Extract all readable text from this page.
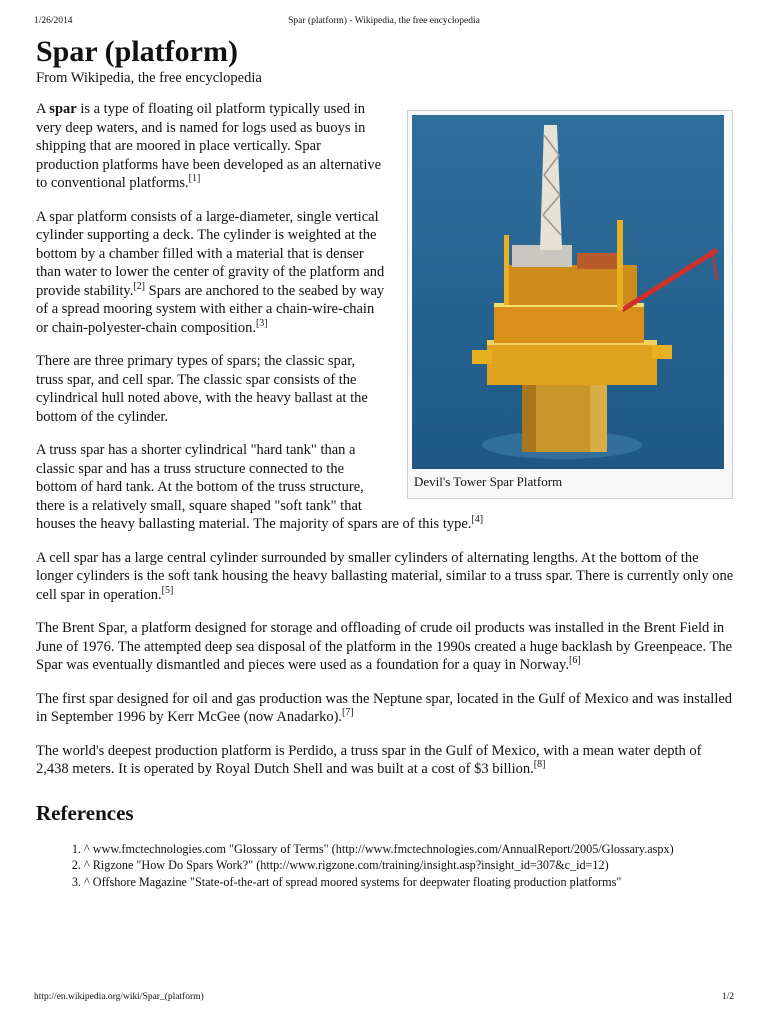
1/26/2014	Spar (platform) - Wikipedia, the free encyclopedia
Spar (platform)
From Wikipedia, the free encyclopedia
Devil's Tower Spar Platform

A spar is a type of floating oil platform typically used in very deep waters, and is named for logs used as buoys in shipping that are moored in place vertically. Spar production platforms have been developed as an alternative to conventional platforms.[1]

A spar platform consists of a large-diameter, single vertical cylinder supporting a deck. The cylinder is weighted at the bottom by a chamber filled with a material that is denser than water to lower the center of gravity of the platform and provide stability.[2] Spars are anchored to the seabed by way of a spread mooring system with either a chain-wire-chain or chain-polyester-chain composition.[3]

There are three primary types of spars; the classic spar, truss spar, and cell spar. The classic spar consists of the cylindrical hull noted above, with the heavy ballast at the bottom of the cylinder.

A truss spar has a shorter cylindrical "hard tank" than a classic spar and has a truss structure connected to the bottom of hard tank. At the bottom of the truss structure, there is a relatively small, square shaped "soft tank" that houses the heavy ballasting material. The majority of spars are of this type.[4]

A cell spar has a large central cylinder surrounded by smaller cylinders of alternating lengths. At the bottom of the longer cylinders is the soft tank housing the heavy ballasting material, similar to a truss spar. There is currently only one cell spar in operation.[5]

The Brent Spar, a platform designed for storage and offloading of crude oil products was installed in the Brent Field in June of 1976. The attempted deep sea disposal of the platform in the 1990s created a huge backlash by Greenpeace. The Spar was eventually dismantled and pieces were used as a foundation for a quay in Norway.[6]

The first spar designed for oil and gas production was the Neptune spar, located in the Gulf of Mexico and was installed in September 1996 by Kerr McGee (now Anadarko).[7]

The world's deepest production platform is Perdido, a truss spar in the Gulf of Mexico, with a mean water depth of 2,438 meters. It is operated by Royal Dutch Shell and was built at a cost of $3 billion.[8]

References
1. ^ www.fmctechnologies.com "Glossary of Terms" (http://www.fmctechnologies.com/AnnualReport/2005/Glossary.aspx)
2. ^ Rigzone "How Do Spars Work?" (http://www.rigzone.com/training/insight.asp?insight_id=307&c_id=12)
3. ^ Offshore Magazine "State-of-the-art of spread moored systems for deepwater floating production platforms"
http://en.wikipedia.org/wiki/Spar_(platform)	1/2
